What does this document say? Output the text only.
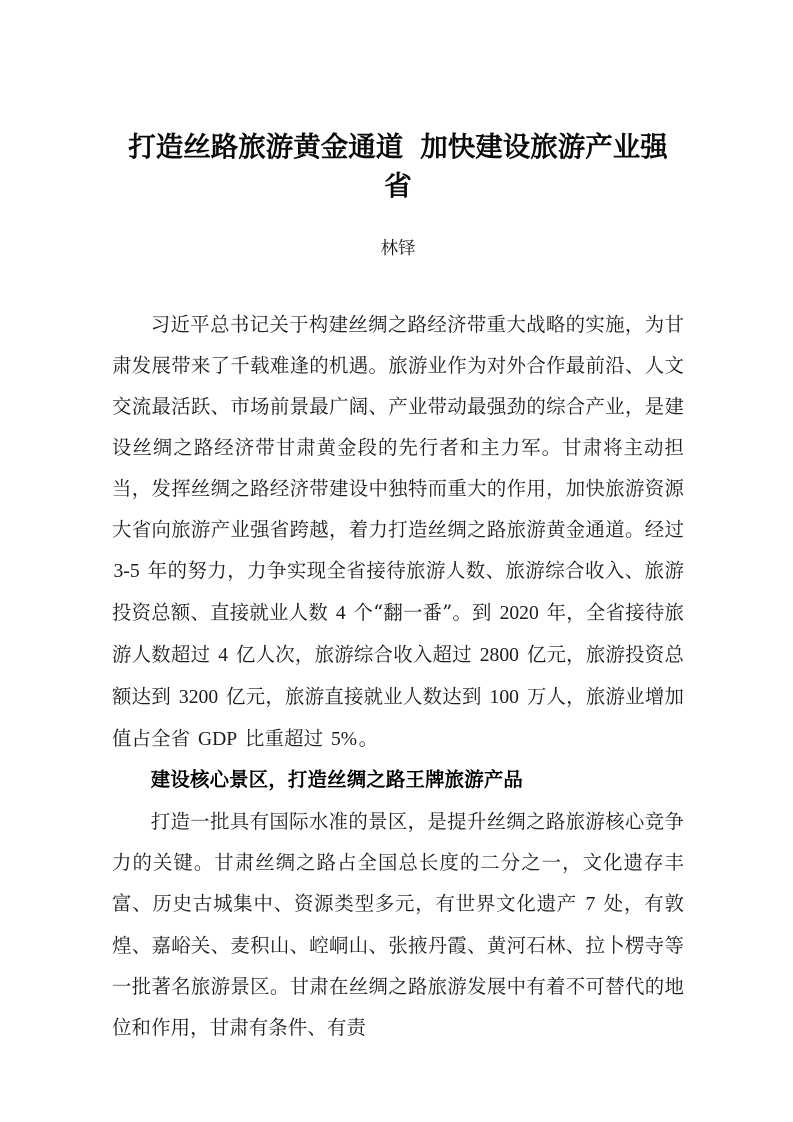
打造丝路旅游黄金通道 加快建设旅游产业强省
林铎

习近平总书记关于构建丝绸之路经济带重大战略的实施，为甘肃发展带来了千载难逢的机遇。旅游业作为对外合作最前沿、人文交流最活跃、市场前景最广阔、产业带动最强劲的综合产业，是建设丝绸之路经济带甘肃黄金段的先行者和主力军。甘肃将主动担当，发挥丝绸之路经济带建设中独特而重大的作用，加快旅游资源大省向旅游产业强省跨越，着力打造丝绸之路旅游黄金通道。经过 3-5 年的努力，力争实现全省接待旅游人数、旅游综合收入、旅游投资总额、直接就业人数 4 个“翻一番”。到 2020 年，全省接待旅游人数超过 4 亿人次，旅游综合收入超过 2800 亿元，旅游投资总额达到 3200 亿元，旅游直接就业人数达到 100 万人，旅游业增加值占全省 GDP 比重超过 5%。

建设核心景区，打造丝绸之路王牌旅游产品

打造一批具有国际水准的景区，是提升丝绸之路旅游核心竞争力的关键。甘肃丝绸之路占全国总长度的二分之一，文化遗存丰富、历史古城集中、资源类型多元，有世界文化遗产 7 处，有敦煌、嘉峪关、麦积山、崆峒山、张掖丹霞、黄河石林、拉卜楞寺等一批著名旅游景区。甘肃在丝绸之路旅游发展中有着不可替代的地位和作用，甘肃有条件、有责
